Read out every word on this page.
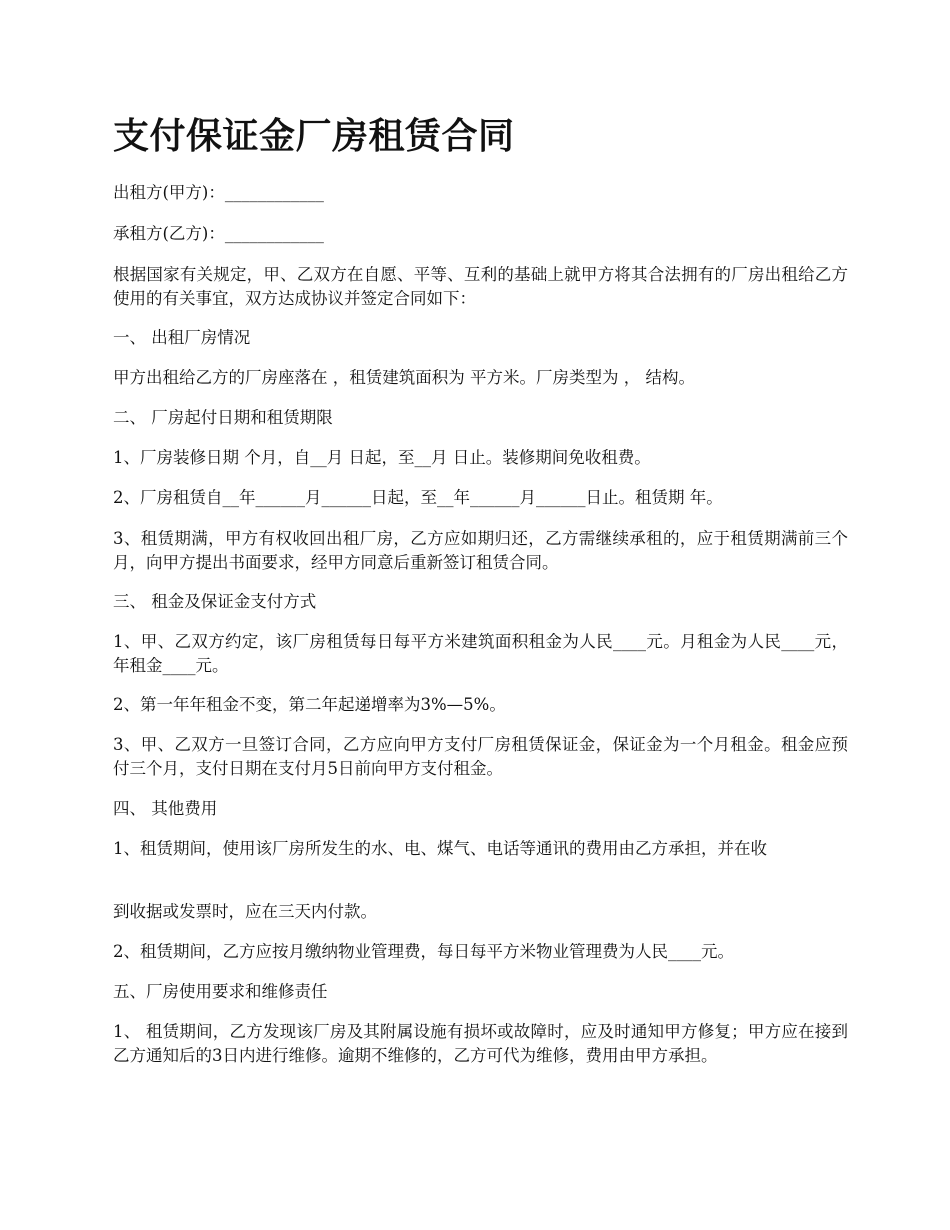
支付保证金厂房租赁合同

出租方(甲方)：____________

承租方(乙方)：____________

根据国家有关规定，甲、乙双方在自愿、平等、互利的基础上就甲方将其合法拥有的厂房出租给乙方使用的有关事宜，双方达成协议并签定合同如下：

一、 出租厂房情况

甲方出租给乙方的厂房座落在 ，租赁建筑面积为 平方米。厂房类型为 ， 结构。

二、 厂房起付日期和租赁期限

1、厂房装修日期 个月，自__月 日起，至__月 日止。装修期间免收租费。

2、厂房租赁自__年______月______日起，至__年______月______日止。租赁期 年。

3、租赁期满，甲方有权收回出租厂房，乙方应如期归还，乙方需继续承租的，应于租赁期满前三个月，向甲方提出书面要求，经甲方同意后重新签订租赁合同。

三、 租金及保证金支付方式

1、甲、乙双方约定，该厂房租赁每日每平方米建筑面积租金为人民____元。月租金为人民____元，年租金____元。

2、第一年年租金不变，第二年起递增率为3%—5%。

3、甲、乙双方一旦签订合同，乙方应向甲方支付厂房租赁保证金，保证金为一个月租金。租金应预付三个月，支付日期在支付月5日前向甲方支付租金。

四、 其他费用

1、租赁期间，使用该厂房所发生的水、电、煤气、电话等通讯的费用由乙方承担，并在收

到收据或发票时，应在三天内付款。

2、租赁期间，乙方应按月缴纳物业管理费，每日每平方米物业管理费为人民____元。

五、厂房使用要求和维修责任

1、 租赁期间，乙方发现该厂房及其附属设施有损坏或故障时，应及时通知甲方修复；甲方应在接到乙方通知后的3日内进行维修。逾期不维修的，乙方可代为维修，费用由甲方承担。
